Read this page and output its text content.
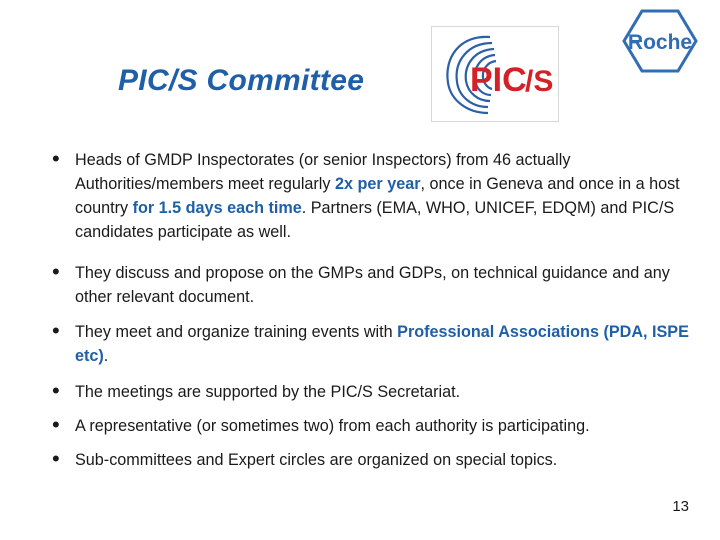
PIC/S Committee	PIC
/S
Roche
• Heads of GMDP Inspectorates (or senior Inspectors) from 46 actually Authorities/members meet regularly 2x per year, once in Geneva and once in a host country for 1.5 days each time. Partners (EMA, WHO, UNICEF, EDQM) and PIC/S candidates participate as well.
• They discuss and propose on the GMPs and GDPs, on technical guidance and any other relevant document.
• They meet and organize training events with Professional Associations (PDA, ISPE etc).
• The meetings are supported by the PIC/S Secretariat.
• A representative (or sometimes two) from each authority is participating.
• Sub-committees and Expert circles are organized on special topics.
13
